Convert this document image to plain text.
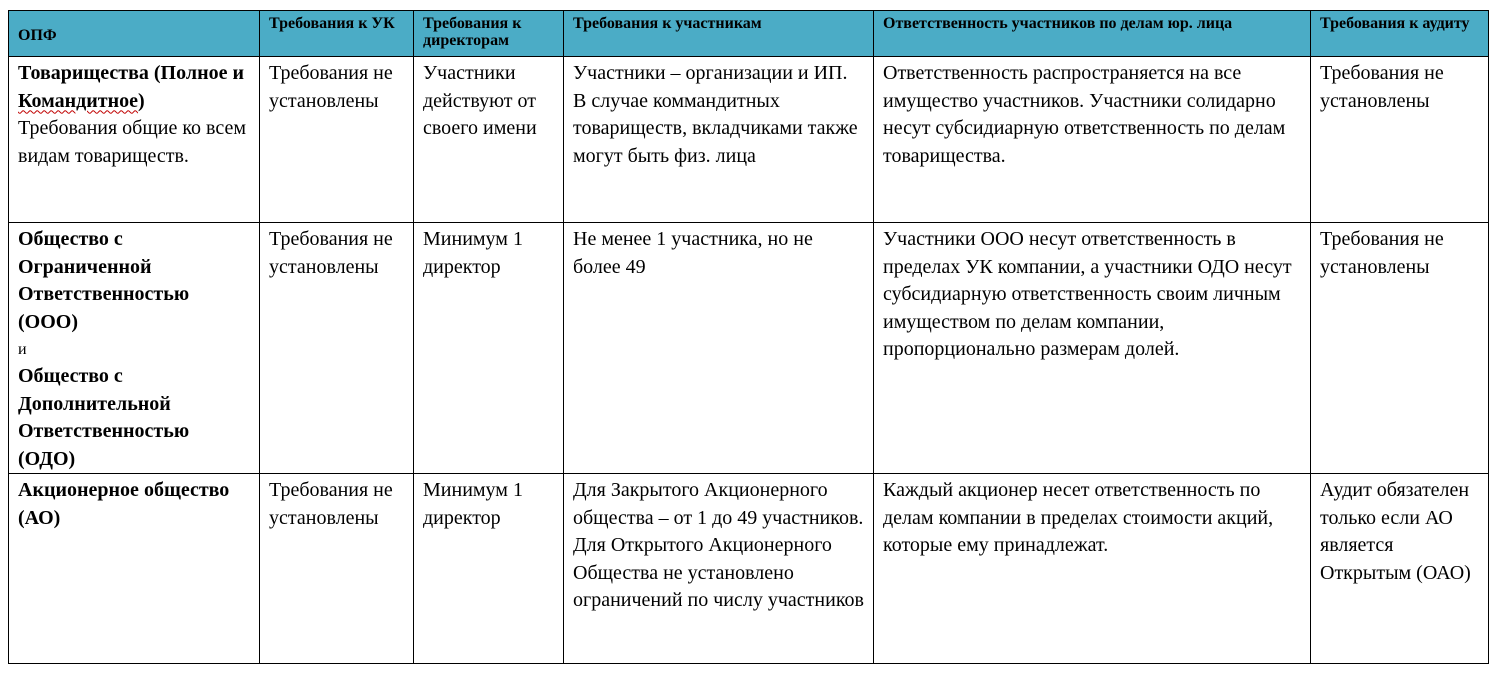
ОПФ	Требования к УК	Требования к директорам	Требования к участникам	Ответственность участников по делам юр. лица	Требования к аудиту
Товарищества (Полное и Командитное)
Требования общие ко всем видам товариществ.	Требования не установлены	Участники действуют от своего имени	Участники – организации и ИП. В случае коммандитных товариществ, вкладчиками также могут быть физ. лица	Ответственность распространяется на все имущество участников. Участники солидарно несут субсидиарную ответственность по делам товарищества.	Требования не установлены

Общество с Ограниченной Ответственностью (ООО)
и
Общество с Дополнительной Ответственностью (ОДО)	Требования не установлены	Минимум 1 директор	Не менее 1 участника, но не более 49	Участники ООО несут ответственность в пределах УК компании, а участники ОДО несут субсидиарную ответственность своим личным имуществом по делам компании, пропорционально размерам долей.	Требования не установлены

Акционерное общество (АО)	Требования не установлены	Минимум 1 директор	Для Закрытого Акционерного общества – от 1 до 49 участников.
Для Открытого Акционерного Общества не установлено ограничений по числу участников	Каждый акционер несет ответственность по делам компании в пределах стоимости акций, которые ему принадлежат.	Аудит обязателен только если АО является Открытым (ОАО)
